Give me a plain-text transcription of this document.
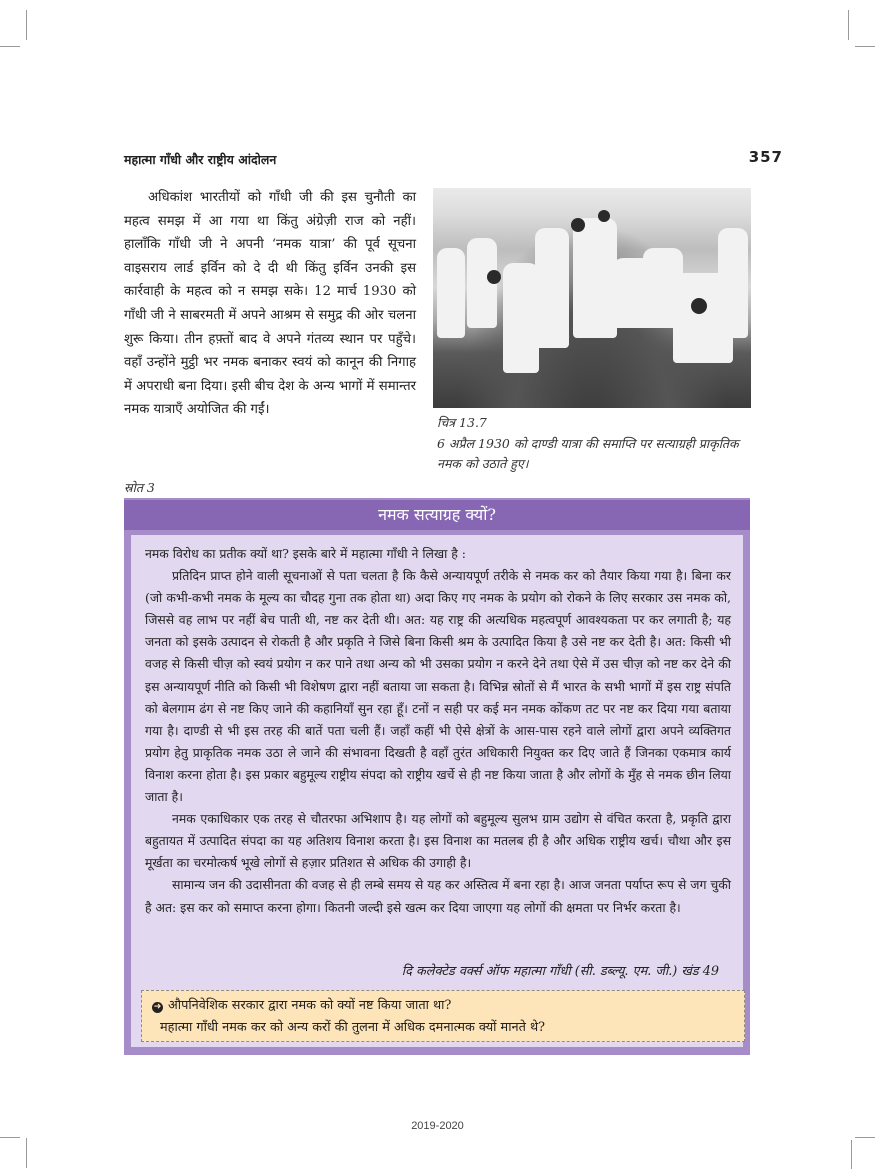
महात्मा गाँधी और राष्ट्रीय आंदोलन	357

अधिकांश भारतीयों को गाँधी जी की इस चुनौती का महत्व समझ में आ गया था किंतु अंग्रेज़ी राज को नहीं। हालाँकि गाँधी जी ने अपनी ‘नमक यात्रा’ की पूर्व सूचना वाइसराय लार्ड इर्विन को दे दी थी किंतु इर्विन उनकी इस कार्रवाही के महत्व को न समझ सके। 12 मार्च 1930 को गाँधी जी ने साबरमती में अपने आश्रम से समुद्र की ओर चलना शुरू किया। तीन हफ़्तों बाद वे अपने गंतव्य स्थान पर पहुँचे। वहाँ उन्होंने मुट्ठी भर नमक बनाकर स्वयं को कानून की निगाह में अपराधी बना दिया। इसी बीच देश के अन्य भागों में समान्तर नमक यात्राएँ अयोजित की गईं।

चित्र 13.7
6 अप्रैल 1930 को दाण्डी यात्रा की समाप्ति पर सत्याग्रही प्राकृतिक नमक को उठाते हुए।
स्रोत 3
नमक सत्याग्रह क्यों?

नमक विरोध का प्रतीक क्यों था? इसके बारे में महात्मा गाँधी ने लिखा है :

प्रतिदिन प्राप्त होने वाली सूचनाओं से पता चलता है कि कैसे अन्यायपूर्ण तरीके से नमक कर को तैयार किया गया है। बिना कर (जो कभी-कभी नमक के मूल्य का चौदह गुना तक होता था) अदा किए गए नमक के प्रयोग को रोकने के लिए सरकार उस नमक को, जिससे वह लाभ पर नहीं बेच पाती थी, नष्ट कर देती थी। अत: यह राष्ट्र की अत्यधिक महत्वपूर्ण आवश्यकता पर कर लगाती है; यह जनता को इसके उत्पादन से रोकती है और प्रकृति ने जिसे बिना किसी श्रम के उत्पादित किया है उसे नष्ट कर देती है। अत: किसी भी वजह से किसी चीज़ को स्वयं प्रयोग न कर पाने तथा अन्य को भी उसका प्रयोग न करने देने तथा ऐसे में उस चीज़ को नष्ट कर देने की इस अन्यायपूर्ण नीति को किसी भी विशेषण द्वारा नहीं बताया जा सकता है। विभिन्न स्रोतों से मैं भारत के सभी भागों में इस राष्ट्र संपति को बेलगाम ढंग से नष्ट किए जाने की कहानियाँ सुन रहा हूँ। टनों न सही पर कई मन नमक कोंकण तट पर नष्ट कर दिया गया बताया गया है। दाण्डी से भी इस तरह की बातें पता चली हैं। जहाँ कहीं भी ऐसे क्षेत्रों के आस-पास रहने वाले लोगों द्वारा अपने व्यक्तिगत प्रयोग हेतु प्राकृतिक नमक उठा ले जाने की संभावना दिखती है वहाँ तुरंत अधिकारी नियुक्त कर दिए जाते हैं जिनका एकमात्र कार्य विनाश करना होता है। इस प्रकार बहुमूल्य राष्ट्रीय संपदा को राष्ट्रीय खर्चे से ही नष्ट किया जाता है और लोगों के मुँह से नमक छीन लिया जाता है।

नमक एकाधिकार एक तरह से चौतरफा अभिशाप है। यह लोगों को बहुमूल्य सुलभ ग्राम उद्योग से वंचित करता है, प्रकृति द्वारा बहुतायत में उत्पादित संपदा का यह अतिशय विनाश करता है। इस विनाश का मतलब ही है और अधिक राष्ट्रीय खर्च। चौथा और इस मूर्खता का चरमोत्कर्ष भूखे लोगों से हज़ार प्रतिशत से अधिक की उगाही है।

सामान्य जन की उदासीनता की वजह से ही लम्बे समय से यह कर अस्तित्व में बना रहा है। आज जनता पर्याप्त रूप से जग चुकी है अत: इस कर को समाप्त करना होगा। कितनी जल्दी इसे खत्म कर दिया जाएगा यह लोगों की क्षमता पर निर्भर करता है।

दि कलेक्टेड वर्क्स ऑफ महात्मा गाँधी (सी. डब्ल्यू. एम. जी.) खंड 49
➜ औपनिवेशिक सरकार द्वारा नमक को क्यों नष्ट किया जाता था?
महात्मा गाँधी नमक कर को अन्य करों की तुलना में अधिक दमनात्मक क्यों मानते थे?
2019-2020
